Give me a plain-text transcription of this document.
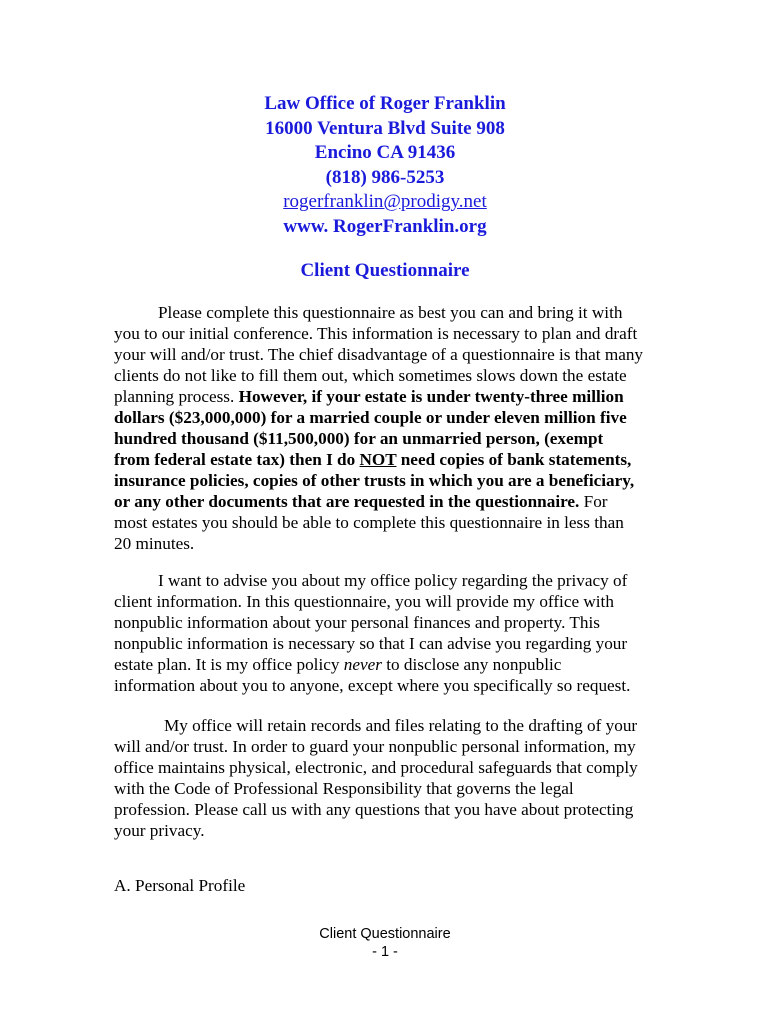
Law Office of Roger Franklin
16000 Ventura Blvd Suite 908
Encino CA 91436
(818) 986-5253
rogerfranklin@prodigy.net
www. RogerFranklin.org
Client Questionnaire
Please complete this questionnaire as best you can and bring it with
you to our initial conference. This information is necessary to plan and draft
your will and/or trust. The chief disadvantage of a questionnaire is that many
clients do not like to fill them out, which sometimes slows down the estate
planning process. However, if your estate is under twenty-three million
dollars ($23,000,000) for a married couple or under eleven million five
hundred thousand ($11,500,000) for an unmarried person, (exempt
from federal estate tax) then I do NOT need copies of bank statements,
insurance policies, copies of other trusts in which you are a beneficiary,
or any other documents that are requested in the questionnaire. For
most estates you should be able to complete this questionnaire in less than
20 minutes.
I want to advise you about my office policy regarding the privacy of
client information. In this questionnaire, you will provide my office with
nonpublic information about your personal finances and property. This
nonpublic information is necessary so that I can advise you regarding your
estate plan. It is my office policy never to disclose any nonpublic
information about you to anyone, except where you specifically so request.
My office will retain records and files relating to the drafting of your
will and/or trust. In order to guard your nonpublic personal information, my
office maintains physical, electronic, and procedural safeguards that comply
with the Code of Professional Responsibility that governs the legal
profession. Please call us with any questions that you have about protecting
your privacy.
A. Personal Profile
Client Questionnaire
- 1 -
